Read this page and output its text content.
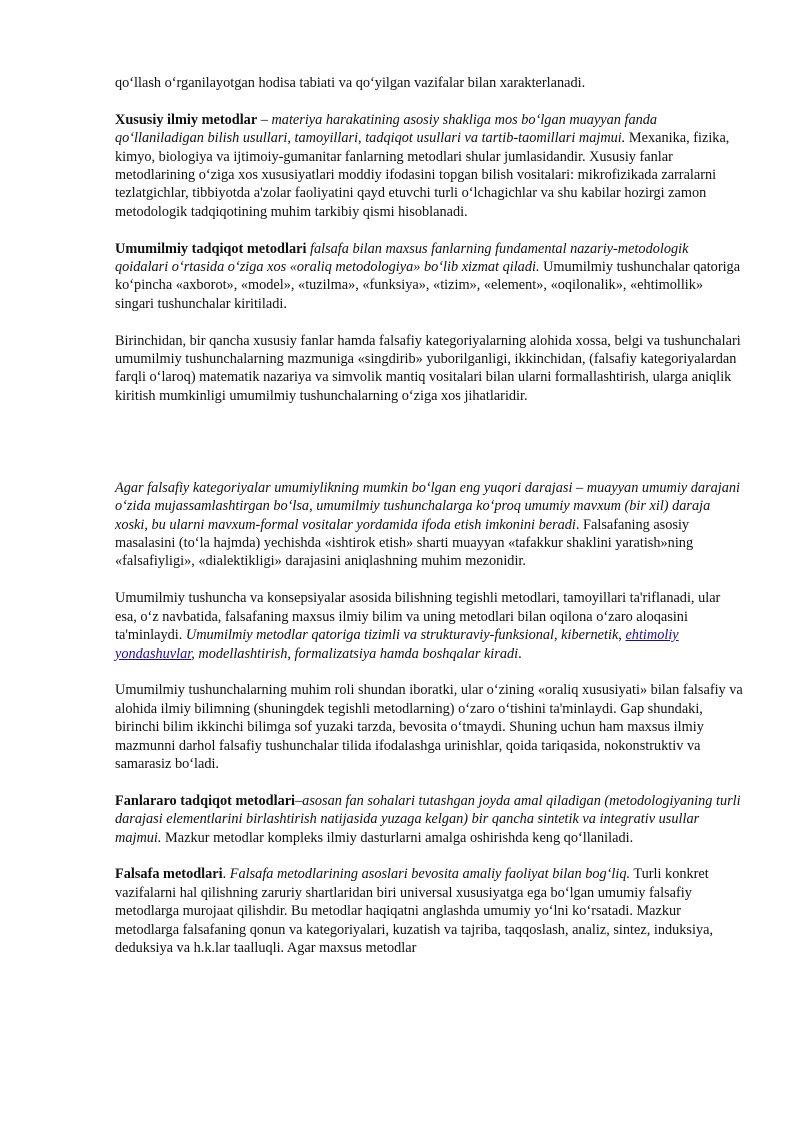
qo‘llash o‘rganilayotgan hodisa tabiati va qo‘yilgan vazifalar bilan xarakterlanadi.

Xususiy ilmiy metodlar – materiya harakatining asosiy shakliga mos bo‘lgan muayyan fanda qo‘llaniladigan bilish usullari, tamoyillari, tadqiqot usullari va tartib-taomillari majmui. Mexanika, fizika, kimyo, biologiya va ijtimoiy-gumanitar fanlarning metodlari shular jumlasidandir. Xususiy fanlar metodlarining o‘ziga xos xususiyatlari moddiy ifodasini topgan bilish vositalari: mikrofizikada zarralarni tezlatgichlar, tibbiyotda a'zolar faoliyatini qayd etuvchi turli o‘lchagichlar va shu kabilar hozirgi zamon metodologik tadqiqotining muhim tarkibiy qismi hisoblanadi.

Umumilmiy tadqiqot metodlari falsafa bilan maxsus fanlarning fundamental nazariy-metodologik qoidalari o‘rtasida o‘ziga xos «oraliq metodologiya» bo‘lib xizmat qiladi. Umumilmiy tushunchalar qatoriga ko‘pincha «axborot», «model», «tuzilma», «funksiya», «tizim», «element», «oqilonalik», «ehtimollik» singari tushunchalar kiritiladi.

Birinchidan, bir qancha xususiy fanlar hamda falsafiy kategoriyalarning alohida xossa, belgi va tushunchalari umumilmiy tushunchalarning mazmuniga «singdirib» yuborilganligi, ikkinchidan, (falsafiy kategoriyalardan farqli o‘laroq) matematik nazariya va simvolik mantiq vositalari bilan ularni formallashtirish, ularga aniqlik kiritish mumkinligi umumilmiy tushunchalarning o‘ziga xos jihatlaridir.

Agar falsafiy kategoriyalar umumiylikning mumkin bo‘lgan eng yuqori darajasi – muayyan umumiy darajani o‘zida mujassamlashtirgan bo‘lsa, umumilmiy tushunchalarga ko‘proq umumiy mavxum (bir xil) daraja xoski, bu ularni mavxum-formal vositalar yordamida ifoda etish imkonini beradi. Falsafaning asosiy masalasini (to‘la hajmda) yechishda «ishtirok etish» sharti muayyan «tafakkur shaklini yaratish»ning «falsafiyligi», «dialektikligi» darajasini aniqlashning muhim mezonidir.

Umumilmiy tushuncha va konsepsiyalar asosida bilishning tegishli metodlari, tamoyillari ta'riflanadi, ular esa, o‘z navbatida, falsafaning maxsus ilmiy bilim va uning metodlari bilan oqilona o‘zaro aloqasini ta'minlaydi. Umumilmiy metodlar qatoriga tizimli va strukturaviy-funksional, kibernetik, ehtimoliy yondashuvlar, modellashtirish, formalizatsiya hamda boshqalar kiradi.

Umumilmiy tushunchalarning muhim roli shundan iboratki, ular o‘zining «oraliq xususiyati» bilan falsafiy va alohida ilmiy bilimning (shuningdek tegishli metodlarning) o‘zaro o‘tishini ta'minlaydi. Gap shundaki, birinchi bilim ikkinchi bilimga sof yuzaki tarzda, bevosita o‘tmaydi. Shuning uchun ham maxsus ilmiy mazmunni darhol falsafiy tushunchalar tilida ifodalashga urinishlar, qoida tariqasida, nokonstruktiv va samarasiz bo‘ladi.

Fanlararo tadqiqot metodlari–asosan fan sohalari tutashgan joyda amal qiladigan (metodologiyaning turli darajasi elementlarini birlashtirish natijasida yuzaga kelgan) bir qancha sintetik va integrativ usullar majmui. Mazkur metodlar kompleks ilmiy dasturlarni amalga oshirishda keng qo‘llaniladi.

Falsafa metodlari. Falsafa metodlarining asoslari bevosita amaliy faoliyat bilan bog‘liq. Turli konkret vazifalarni hal qilishning zaruriy shartlaridan biri universal xususiyatga ega bo‘lgan umumiy falsafiy metodlarga murojaat qilishdir. Bu metodlar haqiqatni anglashda umumiy yo‘lni ko‘rsatadi. Mazkur metodlarga falsafaning qonun va kategoriyalari, kuzatish va tajriba, taqqoslash, analiz, sintez, induksiya, deduksiya va h.k.lar taalluqli. Agar maxsus metodlar
